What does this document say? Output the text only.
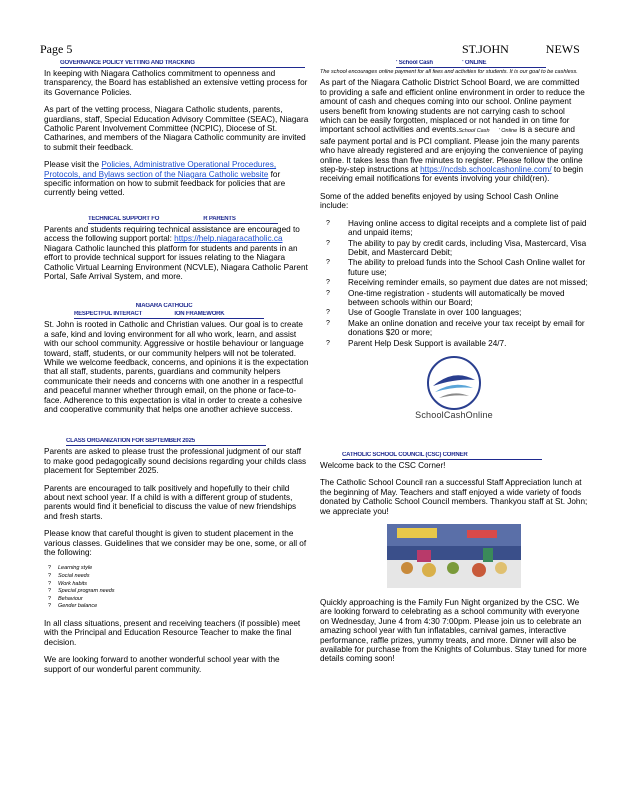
Page 5	ST.JOHN NEWS
GOVERNANCE POLICY VETTING AND TRACKING

In keeping with Niagara Catholics commitment to openness and transparency, the Board has established an extensive vetting process for its Governance Policies.

As part of the vetting process, Niagara Catholic students, parents, guardians, staff, Special Education Advisory Committee (SEAC), Niagara Catholic Parent Involvement Committee (NCPIC), Diocese of St. Catharines, and members of the Niagara Catholic community are invited to submit their feedback.

Please visit the Policies, Administrative Operational Procedures, Protocols, and Bylaws section of the Niagara Catholic website for specific information on how to submit feedback for policies that are currently being vetted.

TECHNICAL SUPPORT FO                              R PARENTS

Parents and students requiring technical assistance are encouraged to access the following support portal: https://help.niagaracatholic.ca Niagara Catholic launched this platform for students and parents in an effort to provide technical support for issues relating to the Niagara Catholic Virtual Learning Environment (NCVLE), Niagara Catholic Parent Portal, Safe Arrival System, and more.

NIAGARA CATHOLIC
RESPECTFUL INTERACT                      ION FRAMEWORK

St. John is rooted in Catholic and Christian values. Our goal is to create a safe, kind and loving environment for all who work, learn, and assist with our school community. Aggressive or hostile behaviour or language toward, staff, students, or our community helpers will not be tolerated. While we welcome feedback, concerns, and opinions it is the expectation that all staff, students, parents, guardians and community helpers communicate their needs and concerns with one another in a respectful and peaceful manner whether through email, on the phone or face-to-face. Adherence to this expectation is vital in order to create a cohesive and cooperative community that helps one another achieve success.

CLASS ORGANIZATION FOR SEPTEMBER 2025

Parents are asked to please trust the professional judgment of our staff to make good pedagogically sound decisions regarding your childs class placement for September 2025.

Parents are encouraged to talk positively and hopefully to their child about next school year. If a child is with a different group of students, parents would find it beneficial to discuss the value of new friendships and fresh starts.

Please know that careful thought is given to student placement in the various classes. Guidelines that we consider may be one, some, or all of the following:

? Learning style
? Social needs
? Work habits
? Special program needs
? Behaviour
? Gender balance

In all class situations, present and receiving teachers (if possible) meet with the Principal and Education Resource Teacher to make the final decision.

We are looking forward to another wonderful school year with the support of our wonderful parent community.

' School Cash                    ' ONLINE
The school encourages online payment for all fees and activities for students. It is our goal to be cashless.

As part of the Niagara Catholic District School Board, we are committed to providing a safe and efficient online environment in order to reduce the amount of cash and cheques coming into our school. Online payment users benefit from knowing students are not carrying cash to school which can be easily forgotten, misplaced or not handed in on time for important school activities and events.School Cash ' Online is a secure and safe payment portal and is PCI compliant. Please join the many parents who have already registered and are enjoying the convenience of paying online. It takes less than five minutes to register. Please follow the online step-by-step instructions at https://ncdsb.schoolcashonline.com/ to begin receiving email notifications for events involving your child(ren).

Some of the added benefits enjoyed by using School Cash Online include:

? Having online access to digital receipts and a complete list of paid and unpaid items;
? The ability to pay by credit cards, including Visa, Mastercard, Visa Debit, and Mastercard Debit;
? The ability to preload funds into the School Cash Online wallet for future use;
? Receiving reminder emails, so payment due dates are not missed;
? One-time registration - students will automatically be moved between schools within our Board;
? Use of Google Translate in over 100 languages;
? Make an online donation and receive your tax receipt by email for donations $20 or more;
? Parent Help Desk Support is available 24/7.
SchoolCashOnline
CATHOLIC SCHOOL COUNCIL (CSC) CORNER

Welcome back to the CSC Corner!

The Catholic School Council ran a successful Staff Appreciation lunch at the beginning of May. Teachers and staff enjoyed a wide variety of foods donated by Catholic School Council members. Thankyou staff at St. John; we appreciate you!

Quickly approaching is the Family Fun Night organized by the CSC. We are looking forward to celebrating as a school community with everyone on Wednesday, June 4 from 4:30 7:00pm. Please join us to celebrate an amazing school year with fun inflatables, carnival games, interactive performance, raffle prizes, yummy treats, and more. Dinner will also be available for purchase from the Knights of Columbus. Stay tuned for more details coming soon!
